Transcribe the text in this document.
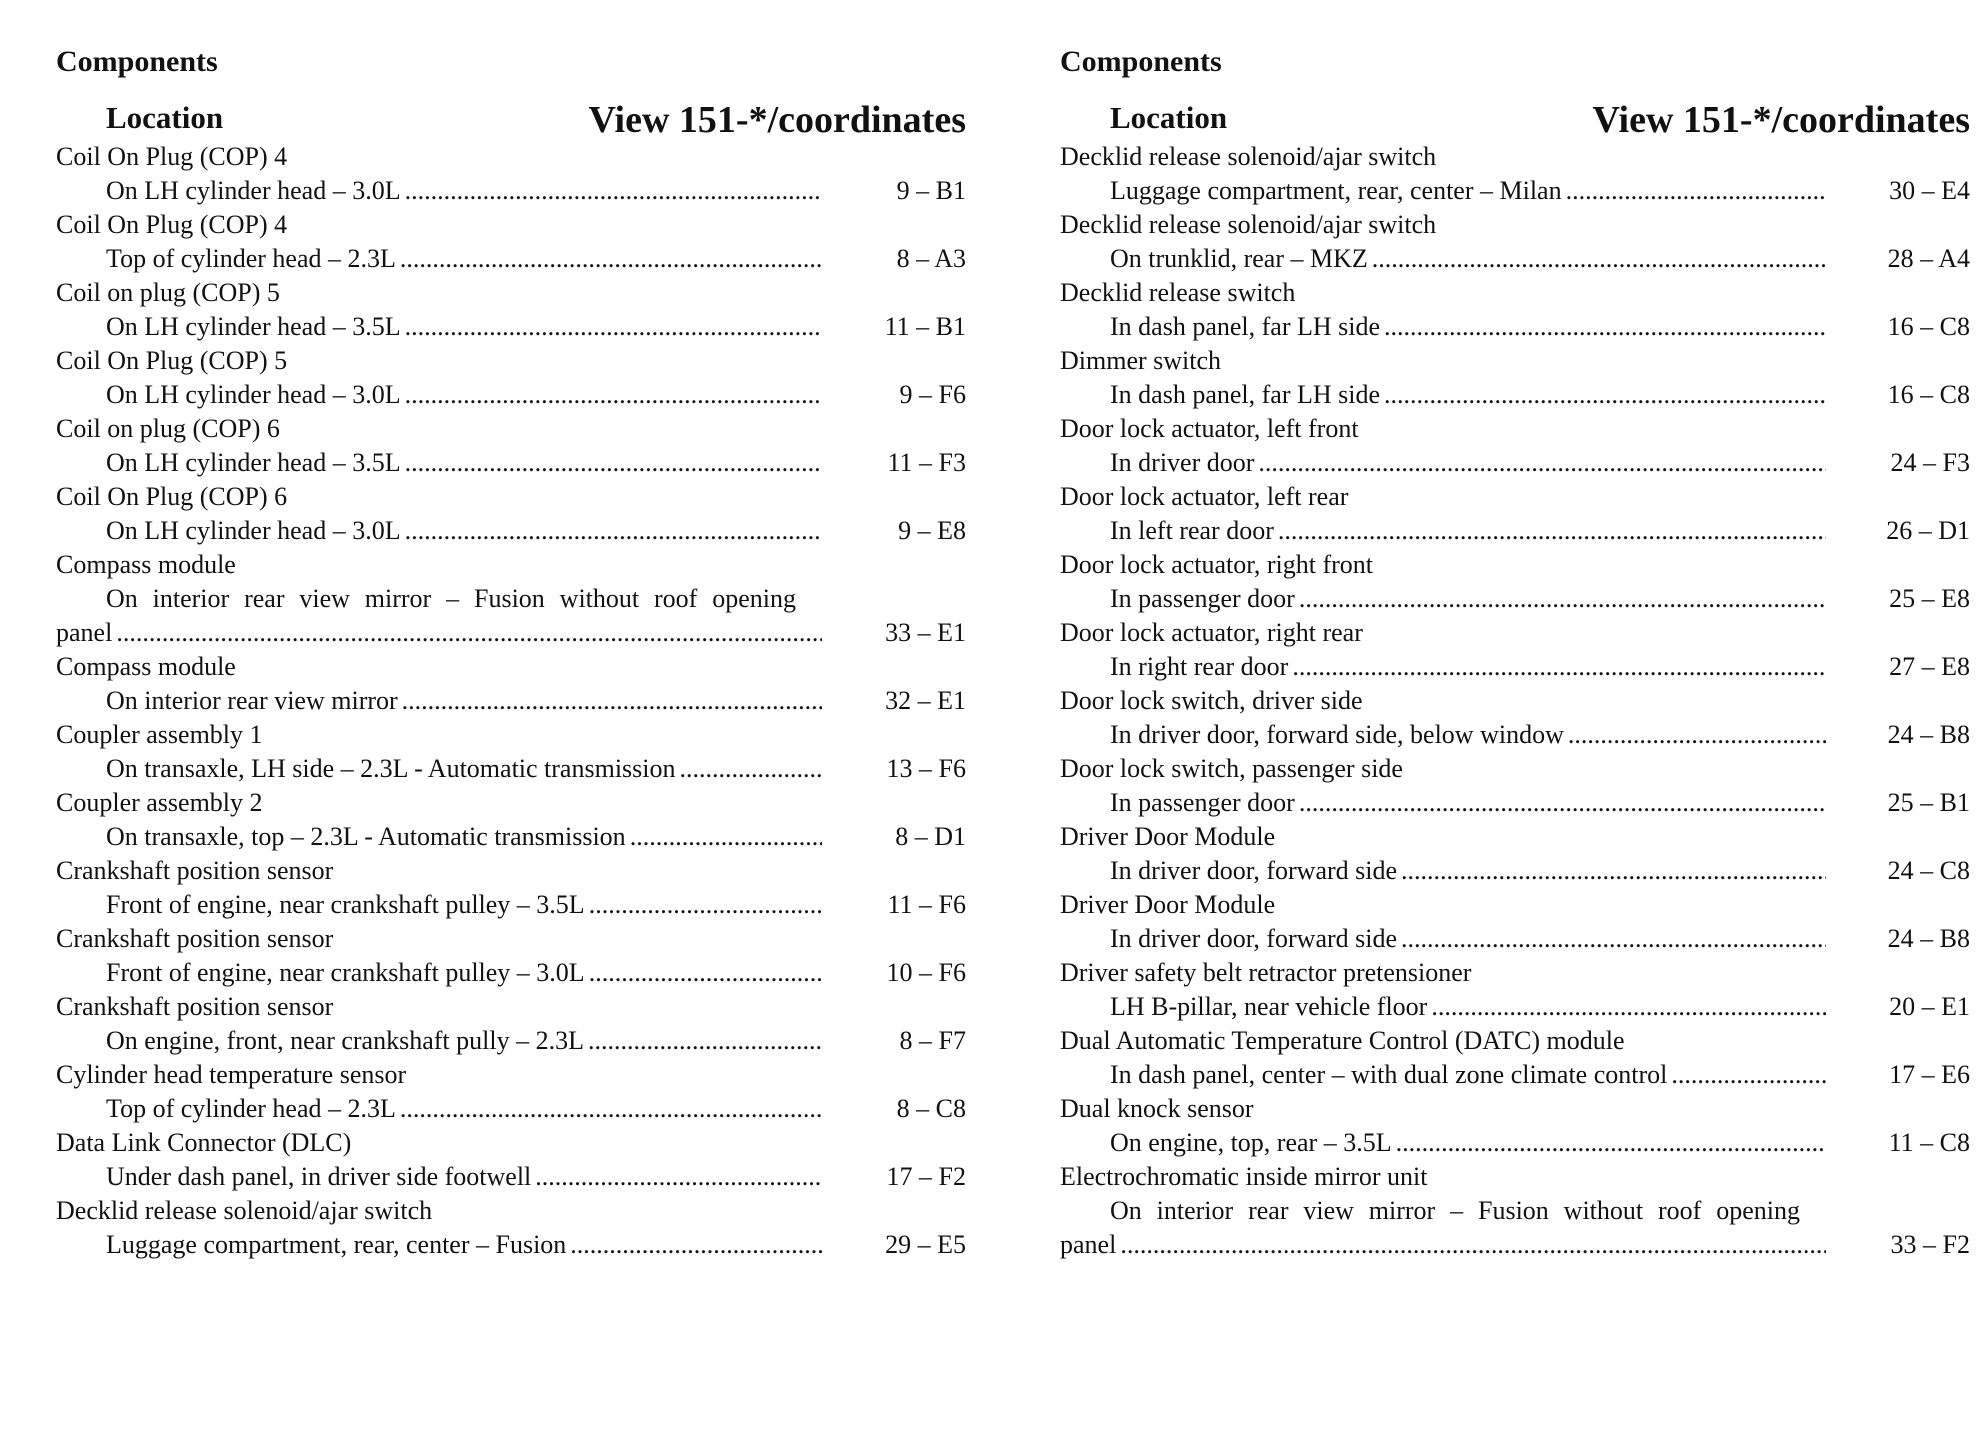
Components
Location	View 151-*/coordinates
Coil On Plug (COP) 4
On LH cylinder head – 3.0L .....	9 – B1
Coil On Plug (COP) 4
Top of cylinder head – 2.3L .....	8 – A3
Coil on plug (COP) 5
On LH cylinder head – 3.5L .....	11 – B1
Coil On Plug (COP) 5
On LH cylinder head – 3.0L .....	9 – F6
Coil on plug (COP) 6
On LH cylinder head – 3.5L .....	11 – F3
Coil On Plug (COP) 6
On LH cylinder head – 3.0L .....	9 – E8
Compass module
On interior rear view mirror – Fusion without roof opening
panel .....	33 – E1
Compass module
On interior rear view mirror .....	32 – E1
Coupler assembly 1
On transaxle, LH side – 2.3L - Automatic transmission .....	13 – F6
Coupler assembly 2
On transaxle, top – 2.3L - Automatic transmission .....	8 – D1
Crankshaft position sensor
Front of engine, near crankshaft pulley – 3.5L .....	11 – F6
Crankshaft position sensor
Front of engine, near crankshaft pulley – 3.0L .....	10 – F6
Crankshaft position sensor
On engine, front, near crankshaft pully – 2.3L .....	8 – F7
Cylinder head temperature sensor
Top of cylinder head – 2.3L .....	8 – C8
Data Link Connector (DLC)
Under dash panel, in driver side footwell .....	17 – F2
Decklid release solenoid/ajar switch
Luggage compartment, rear, center – Fusion .....	29 – E5
Components
Location	View 151-*/coordinates
Decklid release solenoid/ajar switch
Luggage compartment, rear, center – Milan .....	30 – E4
Decklid release solenoid/ajar switch
On trunklid, rear – MKZ .....	28 – A4
Decklid release switch
In dash panel, far LH side .....	16 – C8
Dimmer switch
In dash panel, far LH side .....	16 – C8
Door lock actuator, left front
In driver door .....	24 – F3
Door lock actuator, left rear
In left rear door .....	26 – D1
Door lock actuator, right front
In passenger door .....	25 – E8
Door lock actuator, right rear
In right rear door .....	27 – E8
Door lock switch, driver side
In driver door, forward side, below window .....	24 – B8
Door lock switch, passenger side
In passenger door .....	25 – B1
Driver Door Module
In driver door, forward side .....	24 – C8
Driver Door Module
In driver door, forward side .....	24 – B8
Driver safety belt retractor pretensioner
LH B-pillar, near vehicle floor .....	20 – E1
Dual Automatic Temperature Control (DATC) module
In dash panel, center – with dual zone climate control .....	17 – E6
Dual knock sensor
On engine, top, rear – 3.5L .....	11 – C8
Electrochromatic inside mirror unit
On interior rear view mirror – Fusion without roof opening
panel .....	33 – F2
